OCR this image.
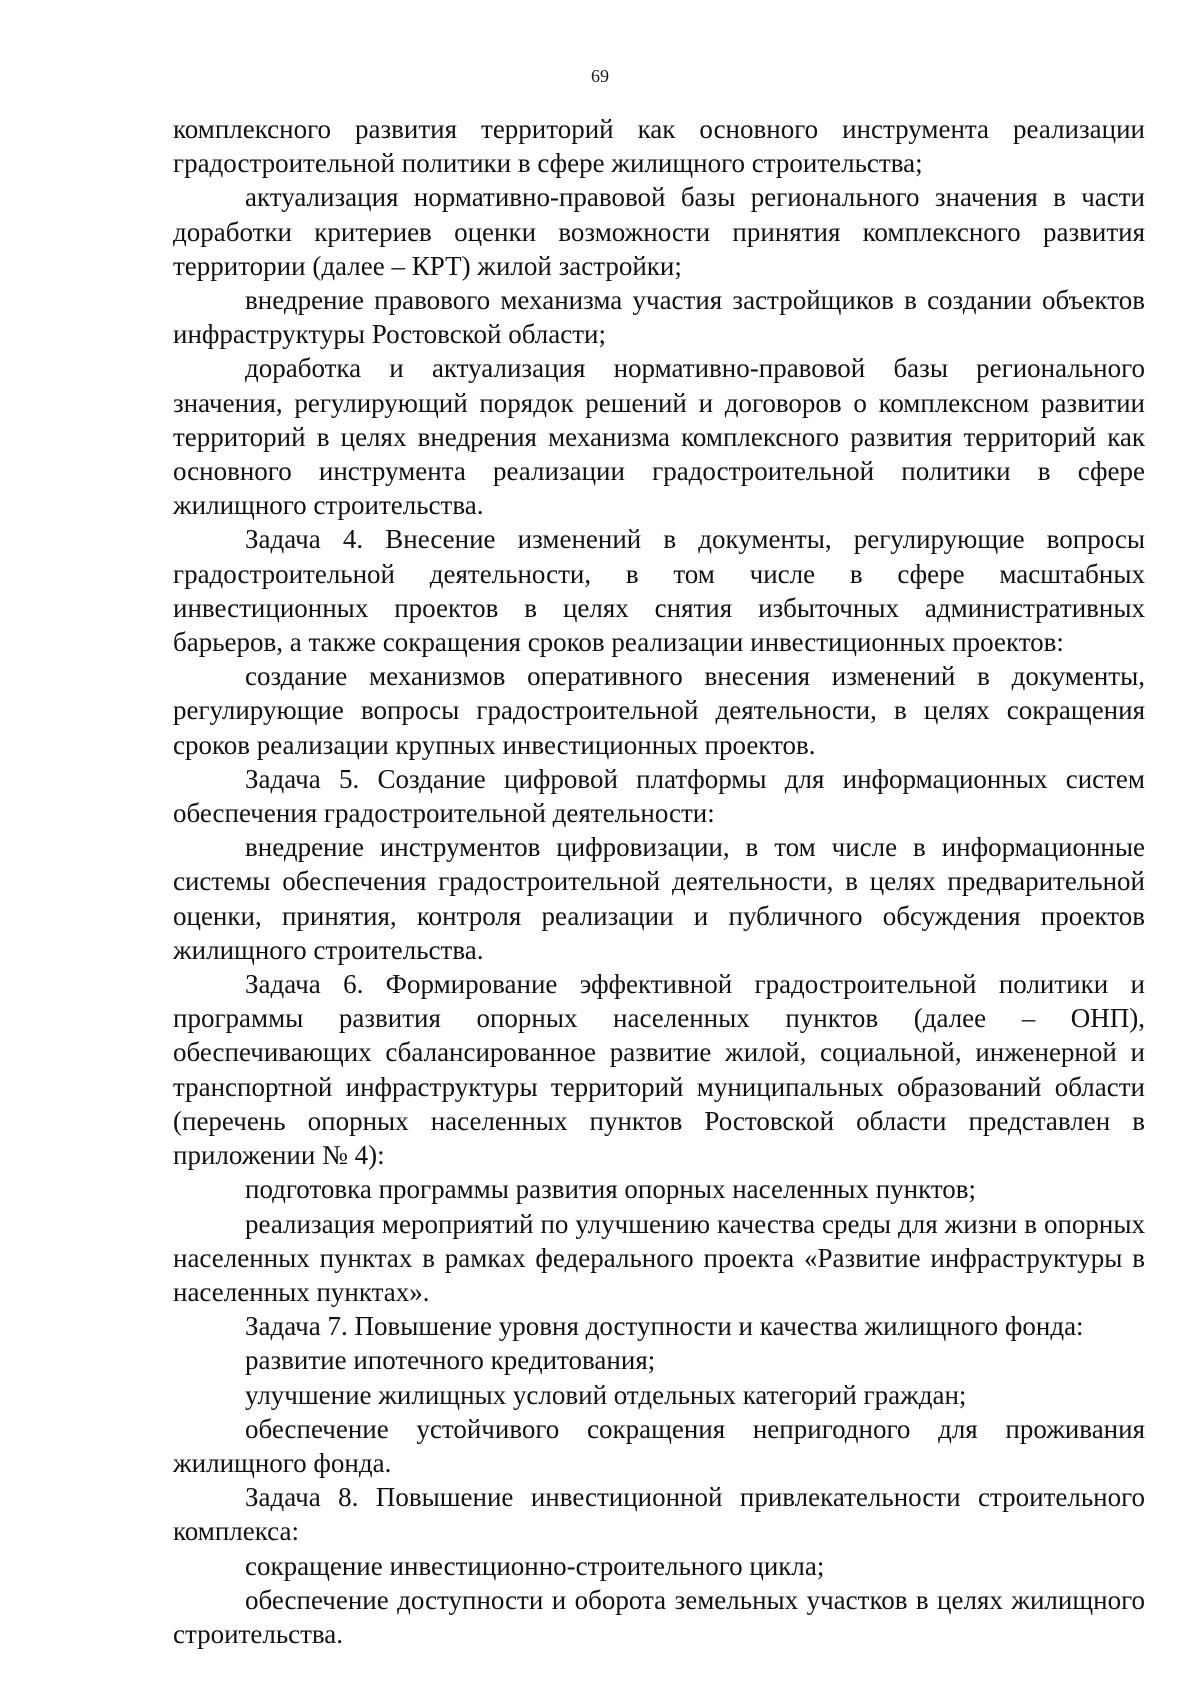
69

комплексного развития территорий как основного инструмента реализации градостроительной политики в сфере жилищного строительства;

актуализация нормативно-правовой базы регионального значения в части доработки критериев оценки возможности принятия комплексного развития территории (далее – КРТ) жилой застройки;

внедрение правового механизма участия застройщиков в создании объектов инфраструктуры Ростовской области;

доработка и актуализация нормативно-правовой базы регионального значения, регулирующий порядок решений и договоров о комплексном развитии территорий в целях внедрения механизма комплексного развития территорий как основного инструмента реализации градостроительной политики в сфере жилищного строительства.

Задача 4. Внесение изменений в документы, регулирующие вопросы градостроительной деятельности, в том числе в сфере масштабных инвестиционных проектов в целях снятия избыточных административных барьеров, а также сокращения сроков реализации инвестиционных проектов:

создание механизмов оперативного внесения изменений в документы, регулирующие вопросы градостроительной деятельности, в целях сокращения сроков реализации крупных инвестиционных проектов.

Задача 5. Создание цифровой платформы для информационных систем обеспечения градостроительной деятельности:

внедрение инструментов цифровизации, в том числе в информационные системы обеспечения градостроительной деятельности, в целях предварительной оценки, принятия, контроля реализации и публичного обсуждения проектов жилищного строительства.

Задача 6. Формирование эффективной градостроительной политики и программы развития опорных населенных пунктов (далее – ОНП), обеспечивающих сбалансированное развитие жилой, социальной, инженерной и транспортной инфраструктуры территорий муниципальных образований области (перечень опорных населенных пунктов Ростовской области представлен в приложении № 4):

подготовка программы развития опорных населенных пунктов;

реализация мероприятий по улучшению качества среды для жизни в опорных населенных пунктах в рамках федерального проекта «Развитие инфраструктуры в населенных пунктах».

Задача 7. Повышение уровня доступности и качества жилищного фонда:

развитие ипотечного кредитования;

улучшение жилищных условий отдельных категорий граждан;

обеспечение устойчивого сокращения непригодного для проживания жилищного фонда.

Задача 8. Повышение инвестиционной привлекательности строительного комплекса:

сокращение инвестиционно-строительного цикла;

обеспечение доступности и оборота земельных участков в целях жилищного строительства.
